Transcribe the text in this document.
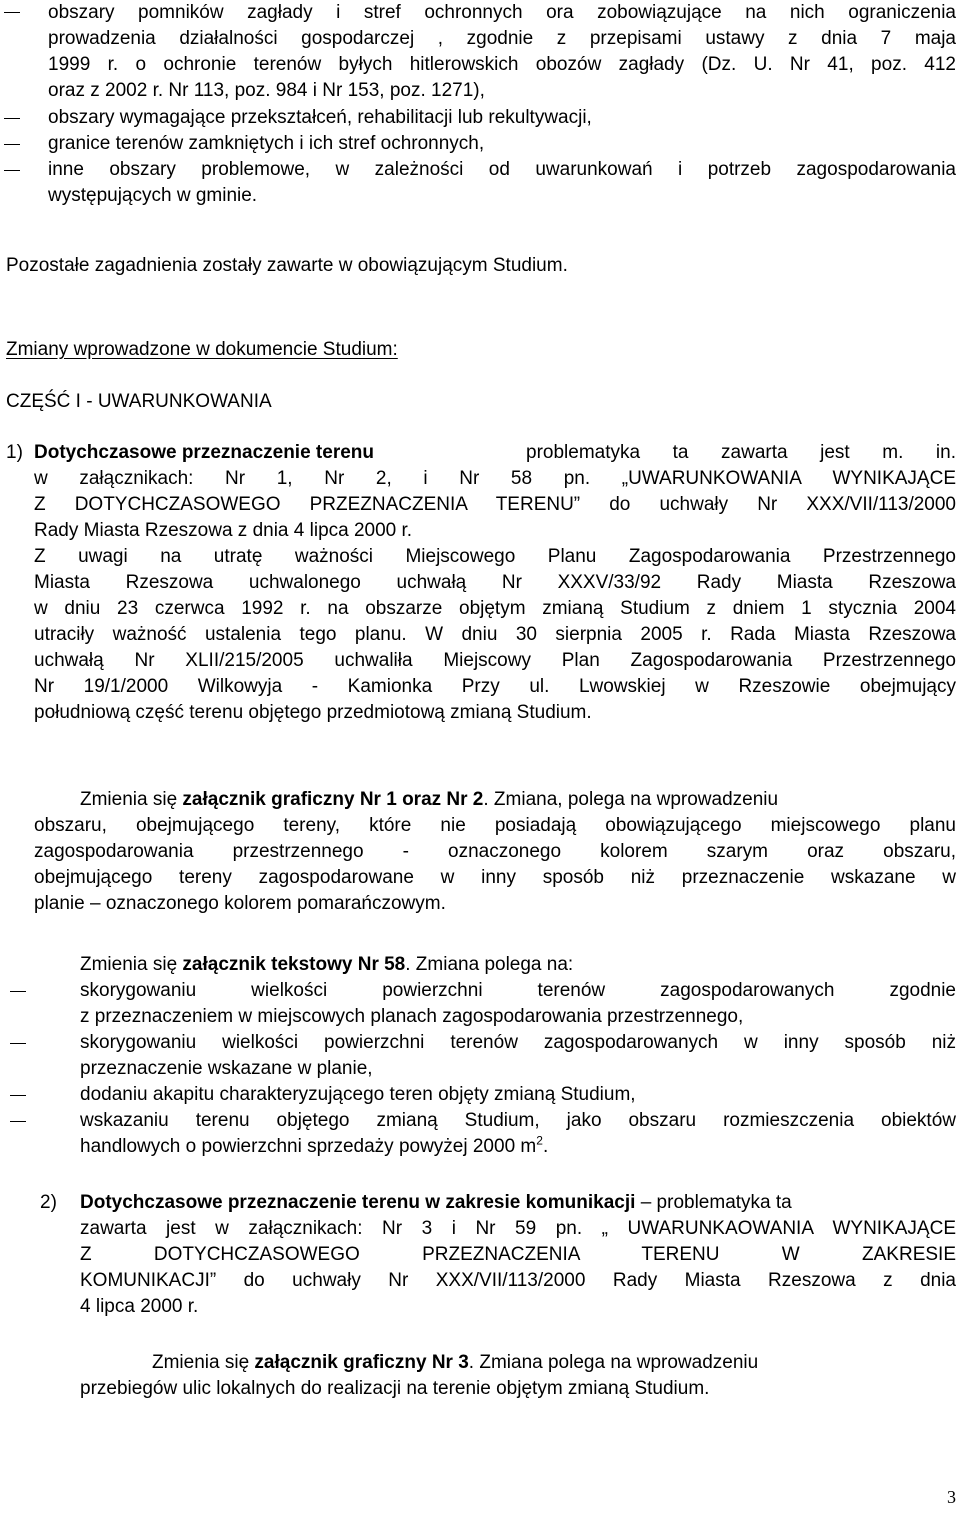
obszary pomników zagłady i stref ochronnych ora zobowiązujące na nich ograniczenia
prowadzenia działalności gospodarczej , zgodnie z przepisami ustawy z dnia 7 maja
1999 r. o ochronie terenów byłych hitlerowskich obozów zagłady (Dz. U. Nr 41, poz. 412
oraz z 2002 r. Nr 113, poz. 984 i Nr 153, poz. 1271),
obszary wymagające przekształceń, rehabilitacji lub rekultywacji,
granice terenów zamkniętych i ich stref ochronnych,
inne obszary problemowe, w zależności od uwarunkowań i potrzeb zagospodarowania
występujących w gminie.
Pozostałe zagadnienia zostały zawarte w obowiązującym Studium.
Zmiany wprowadzone w dokumencie Studium:
CZĘŚĆ I - UWARUNKOWANIA
1) Dotychczasowe przeznaczenie terenu	problematyka ta zawarta jest m. in.
w załącznikach: Nr 1, Nr 2, i Nr 58 pn. „UWARUNKOWANIA WYNIKAJĄCE
Z DOTYCHCZASOWEGO PRZEZNACZENIA TERENU” do uchwały Nr XXX/VII/113/2000
Rady Miasta Rzeszowa z dnia 4 lipca 2000 r.
Z uwagi na utratę ważności Miejscowego Planu Zagospodarowania Przestrzennego
Miasta Rzeszowa uchwalonego uchwałą Nr XXXV/33/92 Rady Miasta Rzeszowa
w dniu 23 czerwca 1992 r. na obszarze objętym zmianą Studium z dniem 1 stycznia 2004
utraciły ważność ustalenia tego planu. W dniu 30 sierpnia 2005 r. Rada Miasta Rzeszowa
uchwałą Nr XLII/215/2005 uchwaliła Miejscowy Plan Zagospodarowania Przestrzennego
Nr 19/1/2000 Wilkowyja - Kamionka Przy ul. Lwowskiej w Rzeszowie obejmujący
południową część terenu objętego przedmiotową zmianą Studium.
Zmienia się załącznik graficzny Nr 1 oraz Nr 2. Zmiana, polega na wprowadzeniu
obszaru, obejmującego tereny, które nie posiadają obowiązującego miejscowego planu
zagospodarowania przestrzennego - oznaczonego kolorem szarym oraz obszaru,
obejmującego tereny zagospodarowane w inny sposób niż przeznaczenie wskazane w
planie – oznaczonego kolorem pomarańczowym.
Zmienia się załącznik tekstowy Nr 58. Zmiana polega na:
skorygowaniu wielkości powierzchni terenów zagospodarowanych zgodnie
z przeznaczeniem w miejscowych planach zagospodarowania przestrzennego,
skorygowaniu wielkości powierzchni terenów zagospodarowanych w inny sposób niż
przeznaczenie wskazane w planie,
dodaniu akapitu charakteryzującego teren objęty zmianą Studium,
wskazaniu terenu objętego zmianą Studium, jako obszaru rozmieszczenia obiektów
handlowych o powierzchni sprzedaży powyżej 2000 $m^2$.
2) Dotychczasowe przeznaczenie terenu w zakresie komunikacji – problematyka ta
zawarta jest w załącznikach: Nr 3 i Nr 59 pn. „ UWARUNKAOWANIA WYNIKAJĄCE
Z DOTYCHCZASOWEGO PRZEZNACZENIA TERENU W ZAKRESIE
KOMUNIKACJI” do uchwały Nr XXX/VII/113/2000 Rady Miasta Rzeszowa z dnia
4 lipca 2000 r.
Zmienia się załącznik graficzny Nr 3. Zmiana polega na wprowadzeniu
przebiegów ulic lokalnych do realizacji na terenie objętym zmianą Studium.
3
